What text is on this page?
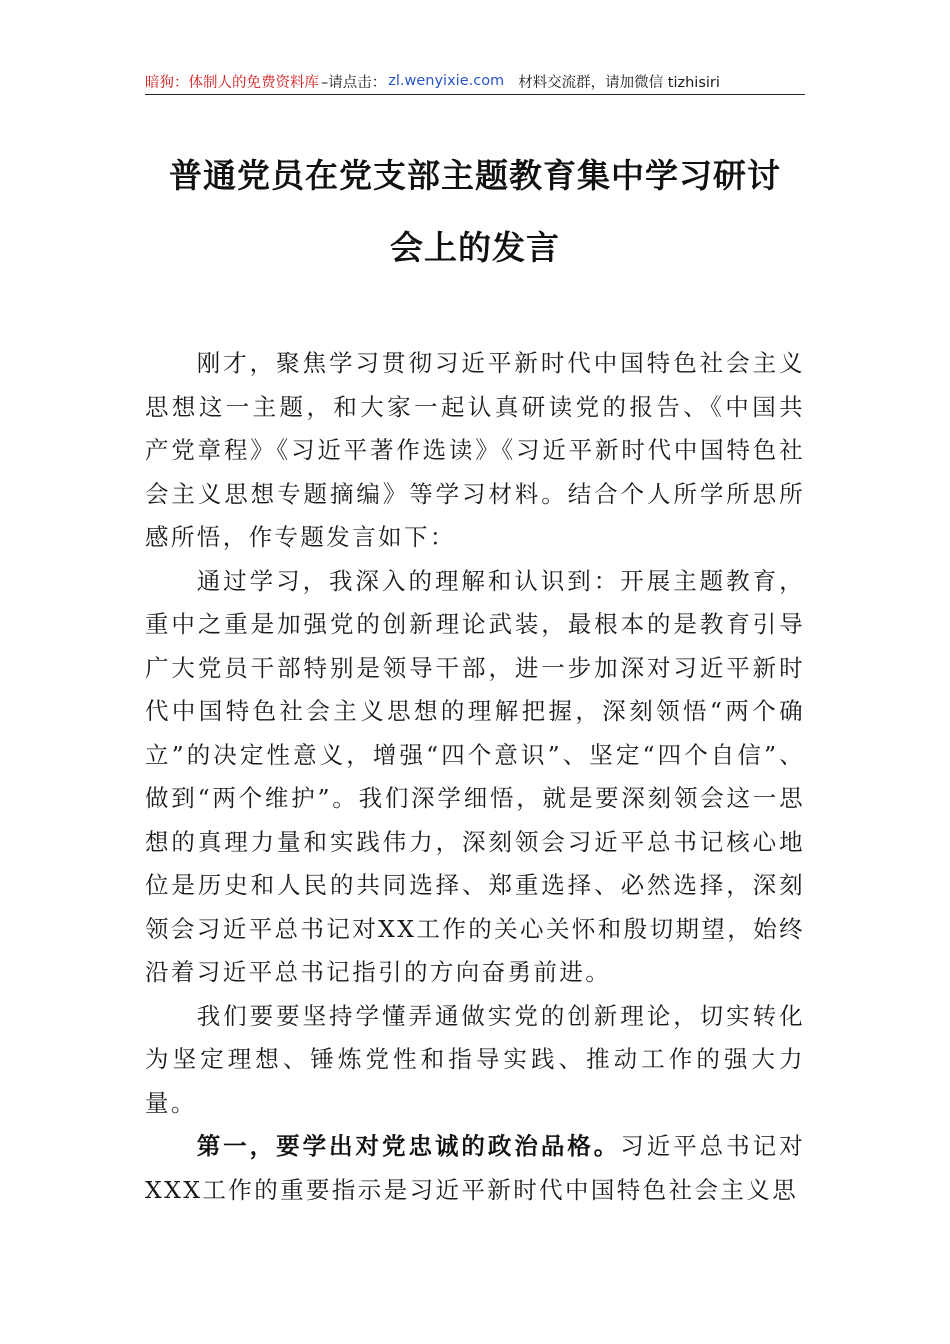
暗狗：体制人的免费资料库 –请点击： zl.wenyixie.com 材料交流群，请加微信 tizhisiri
普通党员在党支部主题教育集中学习研讨
会上的发言

刚才，聚焦学习贯彻习近平新时代中国特色社会主义思想这一主题，和大家一起认真研读党的报告、《中国共产党章程》《习近平著作选读》《习近平新时代中国特色社会主义思想专题摘编》等学习材料。结合个人所学所思所感所悟，作专题发言如下：

通过学习，我深入的理解和认识到：开展主题教育，重中之重是加强党的创新理论武装，最根本的是教育引导广大党员干部特别是领导干部，进一步加深对习近平新时代中国特色社会主义思想的理解把握，深刻领悟“两个确立”的决定性意义，增强“四个意识”、坚定“四个自信”、做到“两个维护”。我们深学细悟，就是要深刻领会这一思想的真理力量和实践伟力，深刻领会习近平总书记核心地位是历史和人民的共同选择、郑重选择、必然选择，深刻领会习近平总书记对XX工作的关心关怀和殷切期望，始终沿着习近平总书记指引的方向奋勇前进。

我们要要坚持学懂弄通做实党的创新理论，切实转化为坚定理想、锤炼党性和指导实践、推动工作的强大力量。

第一，要学出对党忠诚的政治品格。习近平总书记对XXX工作的重要指示是习近平新时代中国特色社会主义思
